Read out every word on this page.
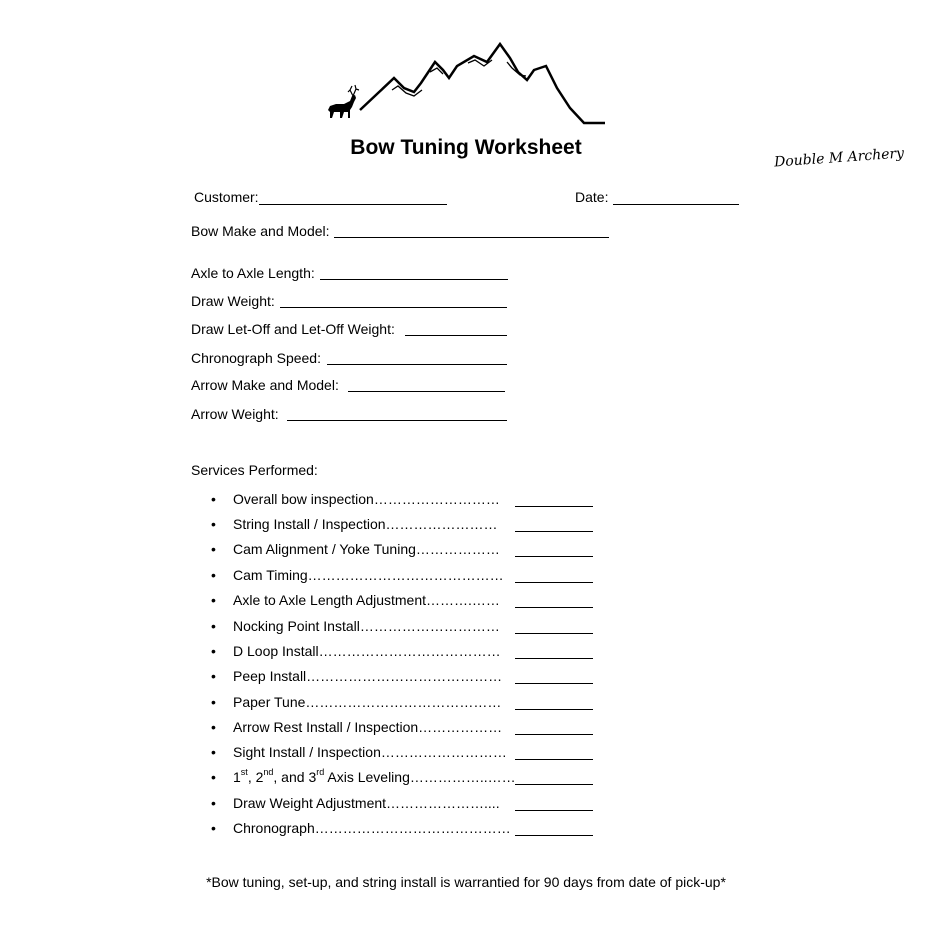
Double M Archery
Bow Tuning Worksheet
Customer:	Date:
Bow Make and Model:
Axle to Axle Length:
Draw Weight:
Draw Let-Off and Let-Off Weight:
Chronograph Speed:
Arrow Make and Model:
Arrow Weight:
Services Performed:
• Overall bow inspection………………………
• String Install / Inspection……………………
• Cam Alignment / Yoke Tuning………………
• Cam Timing……………………………………
• Axle to Axle Length Adjustment……….……
• Nocking Point Install…………………………
• D Loop Install…………………………………
• Peep Install……………………………………
• Paper Tune……………………………………
• Arrow Rest Install / Inspection………………
• Sight Install / Inspection………………………
• 1st, 2nd, and 3rd Axis Leveling……………..……
• Draw Weight Adjustment…………………....
• Chronograph……………………………………
*Bow tuning, set-up, and string install is warrantied for 90 days from date of pick-up*
